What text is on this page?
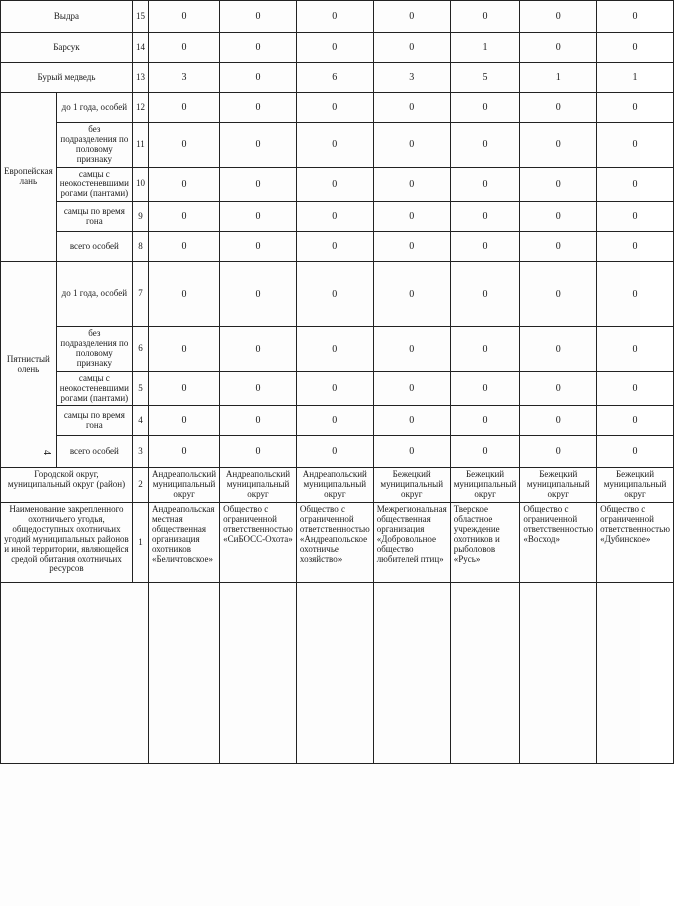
4
Выдра		15	0	0	0	0	0	0	0
Барсук		14	0	0	0	0	1	0	0
Бурый медведь		13	3	0	6	3	5	1	1
Европейская лань	до 1 года, особей	12	0	0	0	0	0	0	0
	без подразделения по половому признаку	11	0	0	0	0	0	0	0
	самцы с неокостеневшими рогами (пантами)	10	0	0	0	0	0	0	0
	самцы по время гона	9	0	0	0	0	0	0	0
	всего особей	8	0	0	0	0	0	0	0
Пятнистый олень	до 1 года, особей	7	0	0	0	0	0	0	0
	без подразделения по половому признаку	6	0	0	0	0	0	0	0
	самцы с неокостеневшими рогами (пантами)	5	0	0	0	0	0	0	0
	самцы по время гона	4	0	0	0	0	0	0	0
	всего особей	3	0	0	0	0	0	0	0
Городской округ, муниципальный округ (район)		2	Андреапольский муниципальный округ	Андреапольский муниципальный округ	Андреапольский муниципальный округ	Бежецкий муниципальный округ	Бежецкий муниципальный округ	Бежецкий муниципальный округ	Бежецкий муниципальный округ
Наименование закрепленного охотничьего угодья, общедоступных охотничьих угодий муниципальных районов и иной территории, являющейся средой обитания охотничьих ресурсов		1	Андреапольская местная общественная организация охотников «Беличтовское»	Общество с ограниченной ответственностью «СиБОСС-Охота»	Общество с ограниченной ответственностью «Андреапольское охотничье хозяйство»	Межрегиональная общественная организация «Добровольное общество любителей птиц»	Тверское областное учреждение охотников и рыболовов «Русь»	Общество с ограниченной ответственностью «Восход»	Общество с ограниченной ответственностью «Дубинское»
